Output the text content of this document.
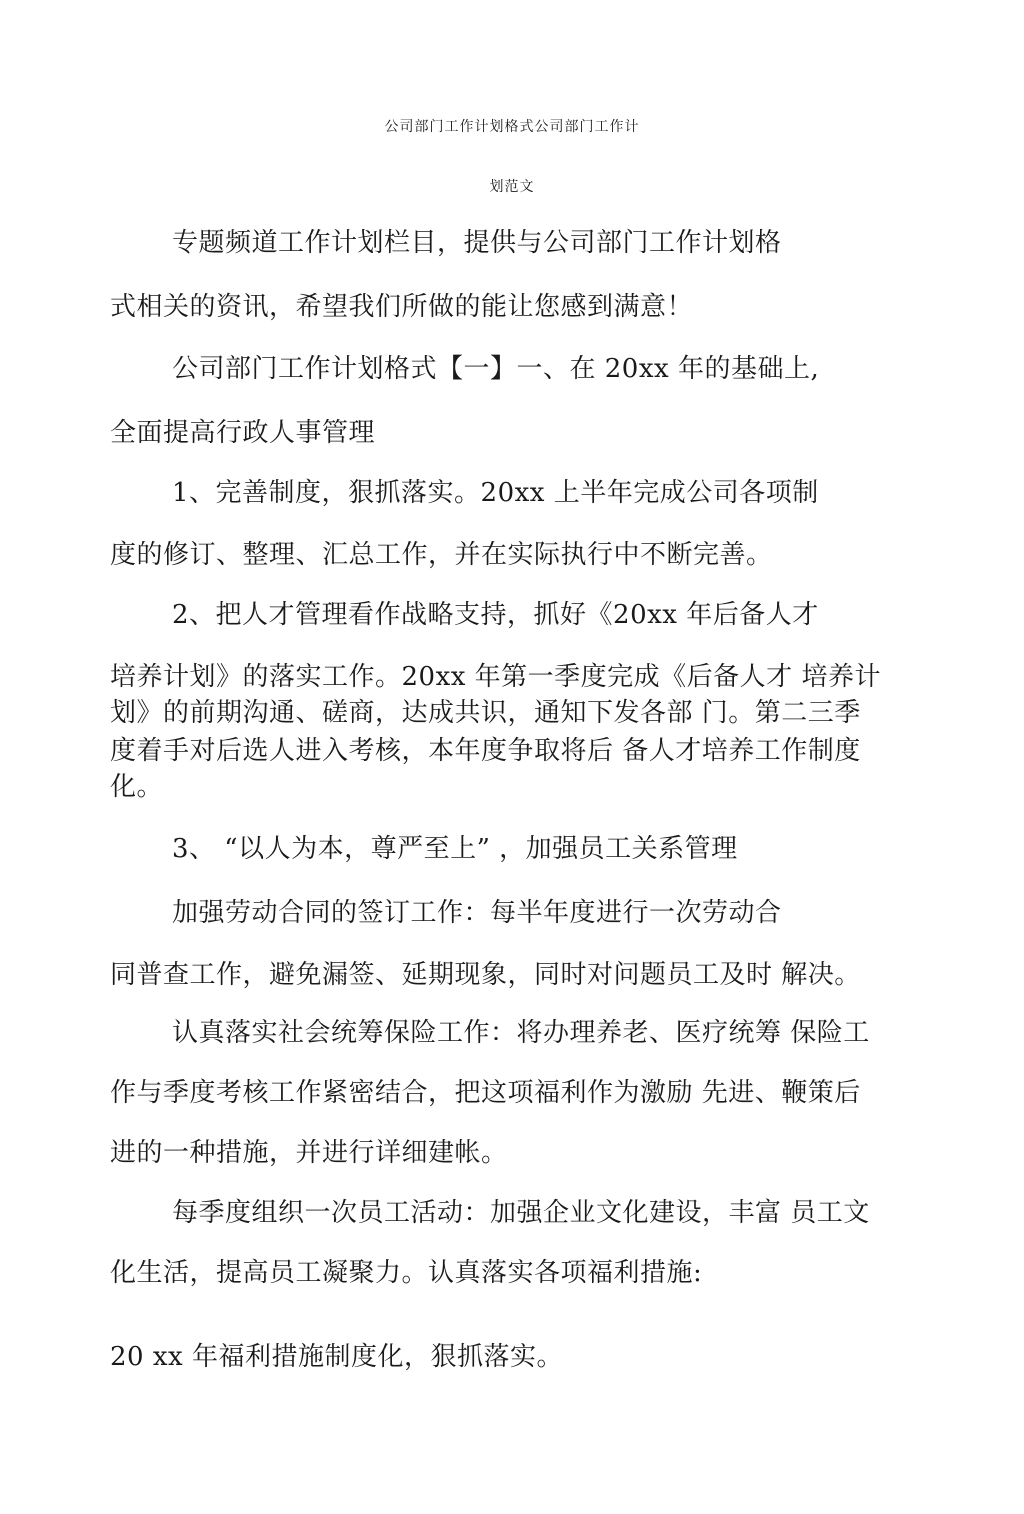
公司部门工作计划格式公司部门工作计
划范文
专题频道工作计划栏目，提供与公司部门工作计划格
式相关的资讯，希望我们所做的能让您感到满意！
公司部门工作计划格式【一】一、在 20xx 年的基础上,
全面提高行政人事管理
1、完善制度，狠抓落实。20xx 上半年完成公司各项制
度的修订、整理、汇总工作，并在实际执行中不断完善。
2、把人才管理看作战略支持，抓好《20xx 年后备人才
培养计划》的落实工作。20xx 年第一季度完成《后备人才 培养计
划》的前期沟通、磋商，达成共识，通知下发各部 门。第二三季
度着手对后选人进入考核，本年度争取将后 备人才培养工作制度
化。
3、 “以人为本，尊严至上” ，加强员工关系管理
加强劳动合同的签订工作：每半年度进行一次劳动合
同普查工作，避免漏签、延期现象，同时对问题员工及时 解决。
认真落实社会统筹保险工作：将办理养老、医疗统筹 保险工
作与季度考核工作紧密结合，把这项福利作为激励 先进、鞭策后
进的一种措施，并进行详细建帐。
每季度组织一次员工活动：加强企业文化建设，丰富 员工文
化生活，提高员工凝聚力。认真落实各项福利措施:
20 xx 年福利措施制度化，狠抓落实。
